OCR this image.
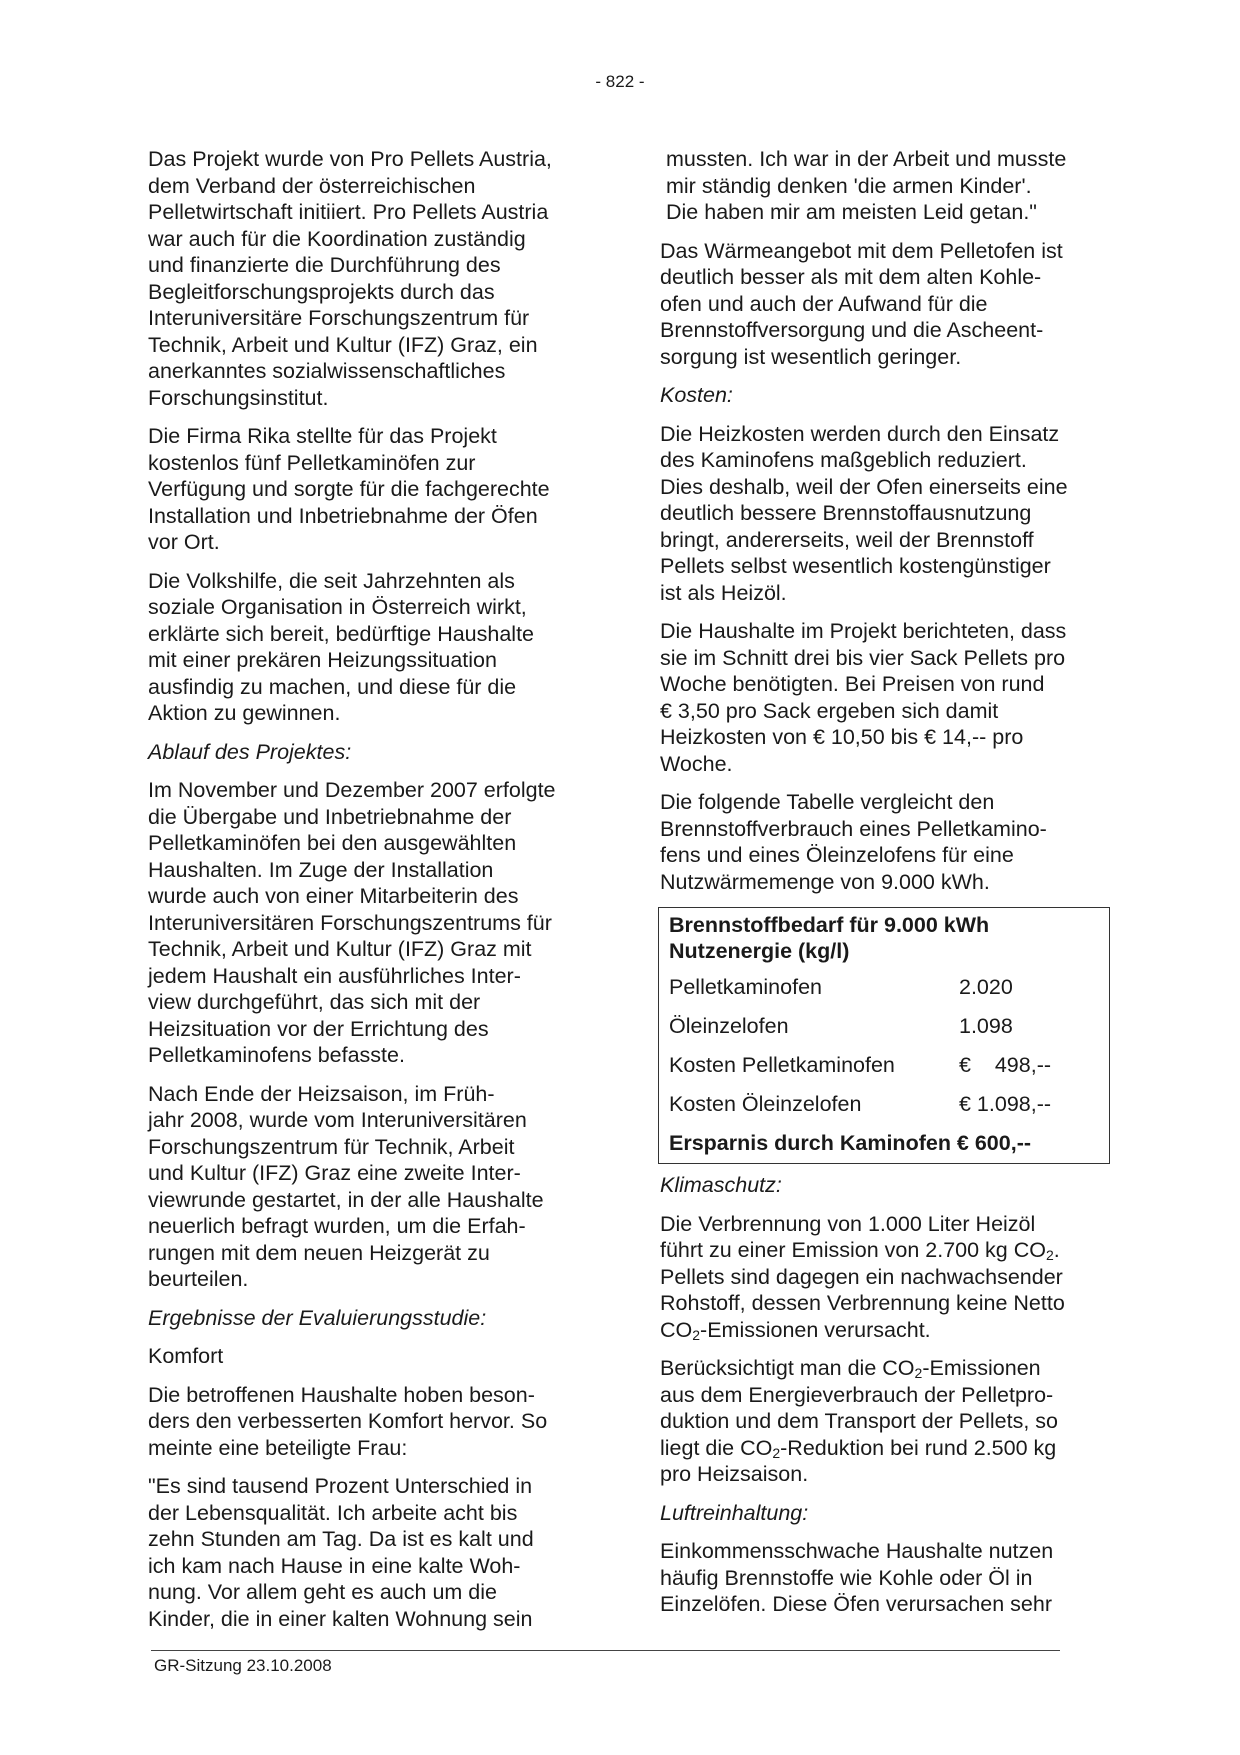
- 822 -

Das Projekt wurde von Pro Pellets Austria,
dem Verband der österreichischen
Pelletwirtschaft initiiert. Pro Pellets Austria
war auch für die Koordination zuständig
und finanzierte die Durchführung des
Begleitforschungsprojekts durch das
Interuniversitäre Forschungszentrum für
Technik, Arbeit und Kultur (IFZ) Graz, ein
anerkanntes sozialwissenschaftliches
Forschungsinstitut.

Die Firma Rika stellte für das Projekt
kostenlos fünf Pelletkaminöfen zur
Verfügung und sorgte für die fachgerechte
Installation und Inbetriebnahme der Öfen
vor Ort.

Die Volkshilfe, die seit Jahrzehnten als
soziale Organisation in Österreich wirkt,
erklärte sich bereit, bedürftige Haushalte
mit einer prekären Heizungssituation
ausfindig zu machen, und diese für die
Aktion zu gewinnen.

Ablauf des Projektes:

Im November und Dezember 2007 erfolgte
die Übergabe und Inbetriebnahme der
Pelletkaminöfen bei den ausgewählten
Haushalten. Im Zuge der Installation
wurde auch von einer Mitarbeiterin des
Interuniversitären Forschungszentrums für
Technik, Arbeit und Kultur (IFZ) Graz mit
jedem Haushalt ein ausführliches Inter-
view durchgeführt, das sich mit der
Heizsituation vor der Errichtung des
Pelletkaminofens befasste.

Nach Ende der Heizsaison, im Früh-
jahr 2008, wurde vom Interuniversitären
Forschungszentrum für Technik, Arbeit
und Kultur (IFZ) Graz eine zweite Inter-
viewrunde gestartet, in der alle Haushalte
neuerlich befragt wurden, um die Erfah-
rungen mit dem neuen Heizgerät zu
beurteilen.

Ergebnisse der Evaluierungsstudie:

Komfort

Die betroffenen Haushalte hoben beson-
ders den verbesserten Komfort hervor. So
meinte eine beteiligte Frau:

"Es sind tausend Prozent Unterschied in
der Lebensqualität. Ich arbeite acht bis
zehn Stunden am Tag. Da ist es kalt und
ich kam nach Hause in eine kalte Woh-
nung. Vor allem geht es auch um die
Kinder, die in einer kalten Wohnung sein

mussten. Ich war in der Arbeit und musste
mir ständig denken 'die armen Kinder'.
Die haben mir am meisten Leid getan."

Das Wärmeangebot mit dem Pelletofen ist
deutlich besser als mit dem alten Kohle-
ofen und auch der Aufwand für die
Brennstoffversorgung und die Ascheent-
sorgung ist wesentlich geringer.

Kosten:

Die Heizkosten werden durch den Einsatz
des Kaminofens maßgeblich reduziert.
Dies deshalb, weil der Ofen einerseits eine
deutlich bessere Brennstoffausnutzung
bringt, andererseits, weil der Brennstoff
Pellets selbst wesentlich kostengünstiger
ist als Heizöl.

Die Haushalte im Projekt berichteten, dass
sie im Schnitt drei bis vier Sack Pellets pro
Woche benötigten. Bei Preisen von rund
€ 3,50 pro Sack ergeben sich damit
Heizkosten von € 10,50 bis € 14,-- pro
Woche.

Die folgende Tabelle vergleicht den
Brennstoffverbrauch eines Pelletkamino-
fens und eines Öleinzelofens für eine
Nutzwärmemenge von 9.000 kWh.

Brennstoffbedarf für 9.000 kWh
Nutzenergie (kg/l)	
Pelletkaminofen	2.020
Öleinzelofen	1.098
Kosten Pelletkaminofen	€    498,--
Kosten Öleinzelofen	€ 1.098,--
Ersparnis durch Kaminofen € 600,--	

Klimaschutz:

Die Verbrennung von 1.000 Liter Heizöl
führt zu einer Emission von 2.700 kg $CO_2$.
Pellets sind dagegen ein nachwachsender
Rohstoff, dessen Verbrennung keine Netto
$CO_2$-Emissionen verursacht.

Berücksichtigt man die $CO_2$-Emissionen
aus dem Energieverbrauch der Pelletpro-
duktion und dem Transport der Pellets, so
liegt die $CO_2$-Reduktion bei rund 2.500 kg
pro Heizsaison.

Luftreinhaltung:

Einkommensschwache Haushalte nutzen
häufig Brennstoffe wie Kohle oder Öl in
Einzelöfen. Diese Öfen verursachen sehr

GR-Sitzung 23.10.2008
